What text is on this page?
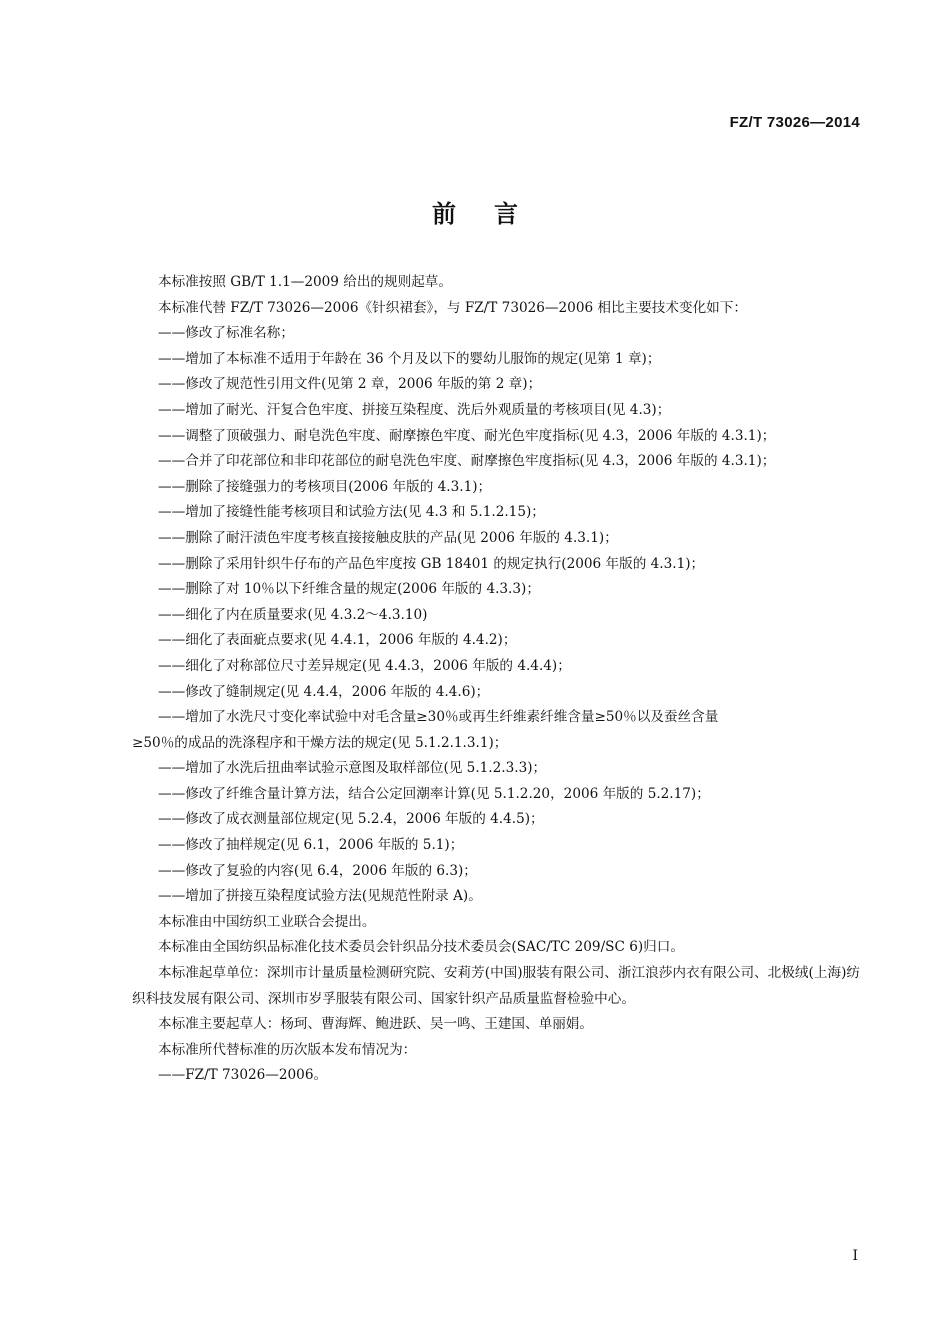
FZ/T 73026—2014
前言

本标准按照 GB/T 1.1—2009 给出的规则起草。

本标准代替 FZ/T 73026—2006《针织裙套》，与 FZ/T 73026—2006 相比主要技术变化如下：

——修改了标准名称；

——增加了本标准不适用于年龄在 36 个月及以下的婴幼儿服饰的规定(见第 1 章)；

——修改了规范性引用文件(见第 2 章，2006 年版的第 2 章)；

——增加了耐光、汗复合色牢度、拼接互染程度、洗后外观质量的考核项目(见 4.3)；

——调整了顶破强力、耐皂洗色牢度、耐摩擦色牢度、耐光色牢度指标(见 4.3，2006 年版的 4.3.1)；

——合并了印花部位和非印花部位的耐皂洗色牢度、耐摩擦色牢度指标(见 4.3，2006 年版的 4.3.1)；

——删除了接缝强力的考核项目(2006 年版的 4.3.1)；

——增加了接缝性能考核项目和试验方法(见 4.3 和 5.1.2.15)；

——删除了耐汗渍色牢度考核直接接触皮肤的产品(见 2006 年版的 4.3.1)；

——删除了采用针织牛仔布的产品色牢度按 GB 18401 的规定执行(2006 年版的 4.3.1)；

——删除了对 10％以下纤维含量的规定(2006 年版的 4.3.3)；

——细化了内在质量要求(见 4.3.2～4.3.10)

——细化了表面疵点要求(见 4.4.1，2006 年版的 4.4.2)；

——细化了对称部位尺寸差异规定(见 4.4.3，2006 年版的 4.4.4)；

——修改了缝制规定(见 4.4.4，2006 年版的 4.4.6)；

——增加了水洗尺寸变化率试验中对毛含量≥30％或再生纤维素纤维含量≥50％以及蚕丝含量

≥50％的成品的洗涤程序和干燥方法的规定(见 5.1.2.1.3.1)；

——增加了水洗后扭曲率试验示意图及取样部位(见 5.1.2.3.3)；

——修改了纤维含量计算方法，结合公定回潮率计算(见 5.1.2.20，2006 年版的 5.2.17)；

——修改了成衣测量部位规定(见 5.2.4，2006 年版的 4.4.5)；

——修改了抽样规定(见 6.1，2006 年版的 5.1)；

——修改了复验的内容(见 6.4，2006 年版的 6.3)；

——增加了拼接互染程度试验方法(见规范性附录 A)。

本标准由中国纺织工业联合会提出。

本标准由全国纺织品标准化技术委员会针织品分技术委员会(SAC/TC 209/SC 6)归口。

本标准起草单位：深圳市计量质量检测研究院、安莉芳(中国)服装有限公司、浙江浪莎内衣有限公司、北极绒(上海)纺织科技发展有限公司、深圳市岁孚服装有限公司、国家针织产品质量监督检验中心。

本标准主要起草人：杨珂、曹海辉、鲍进跃、吴一鸣、王建国、单丽娟。

本标准所代替标准的历次版本发布情况为：

——FZ/T 73026—2006。

I
